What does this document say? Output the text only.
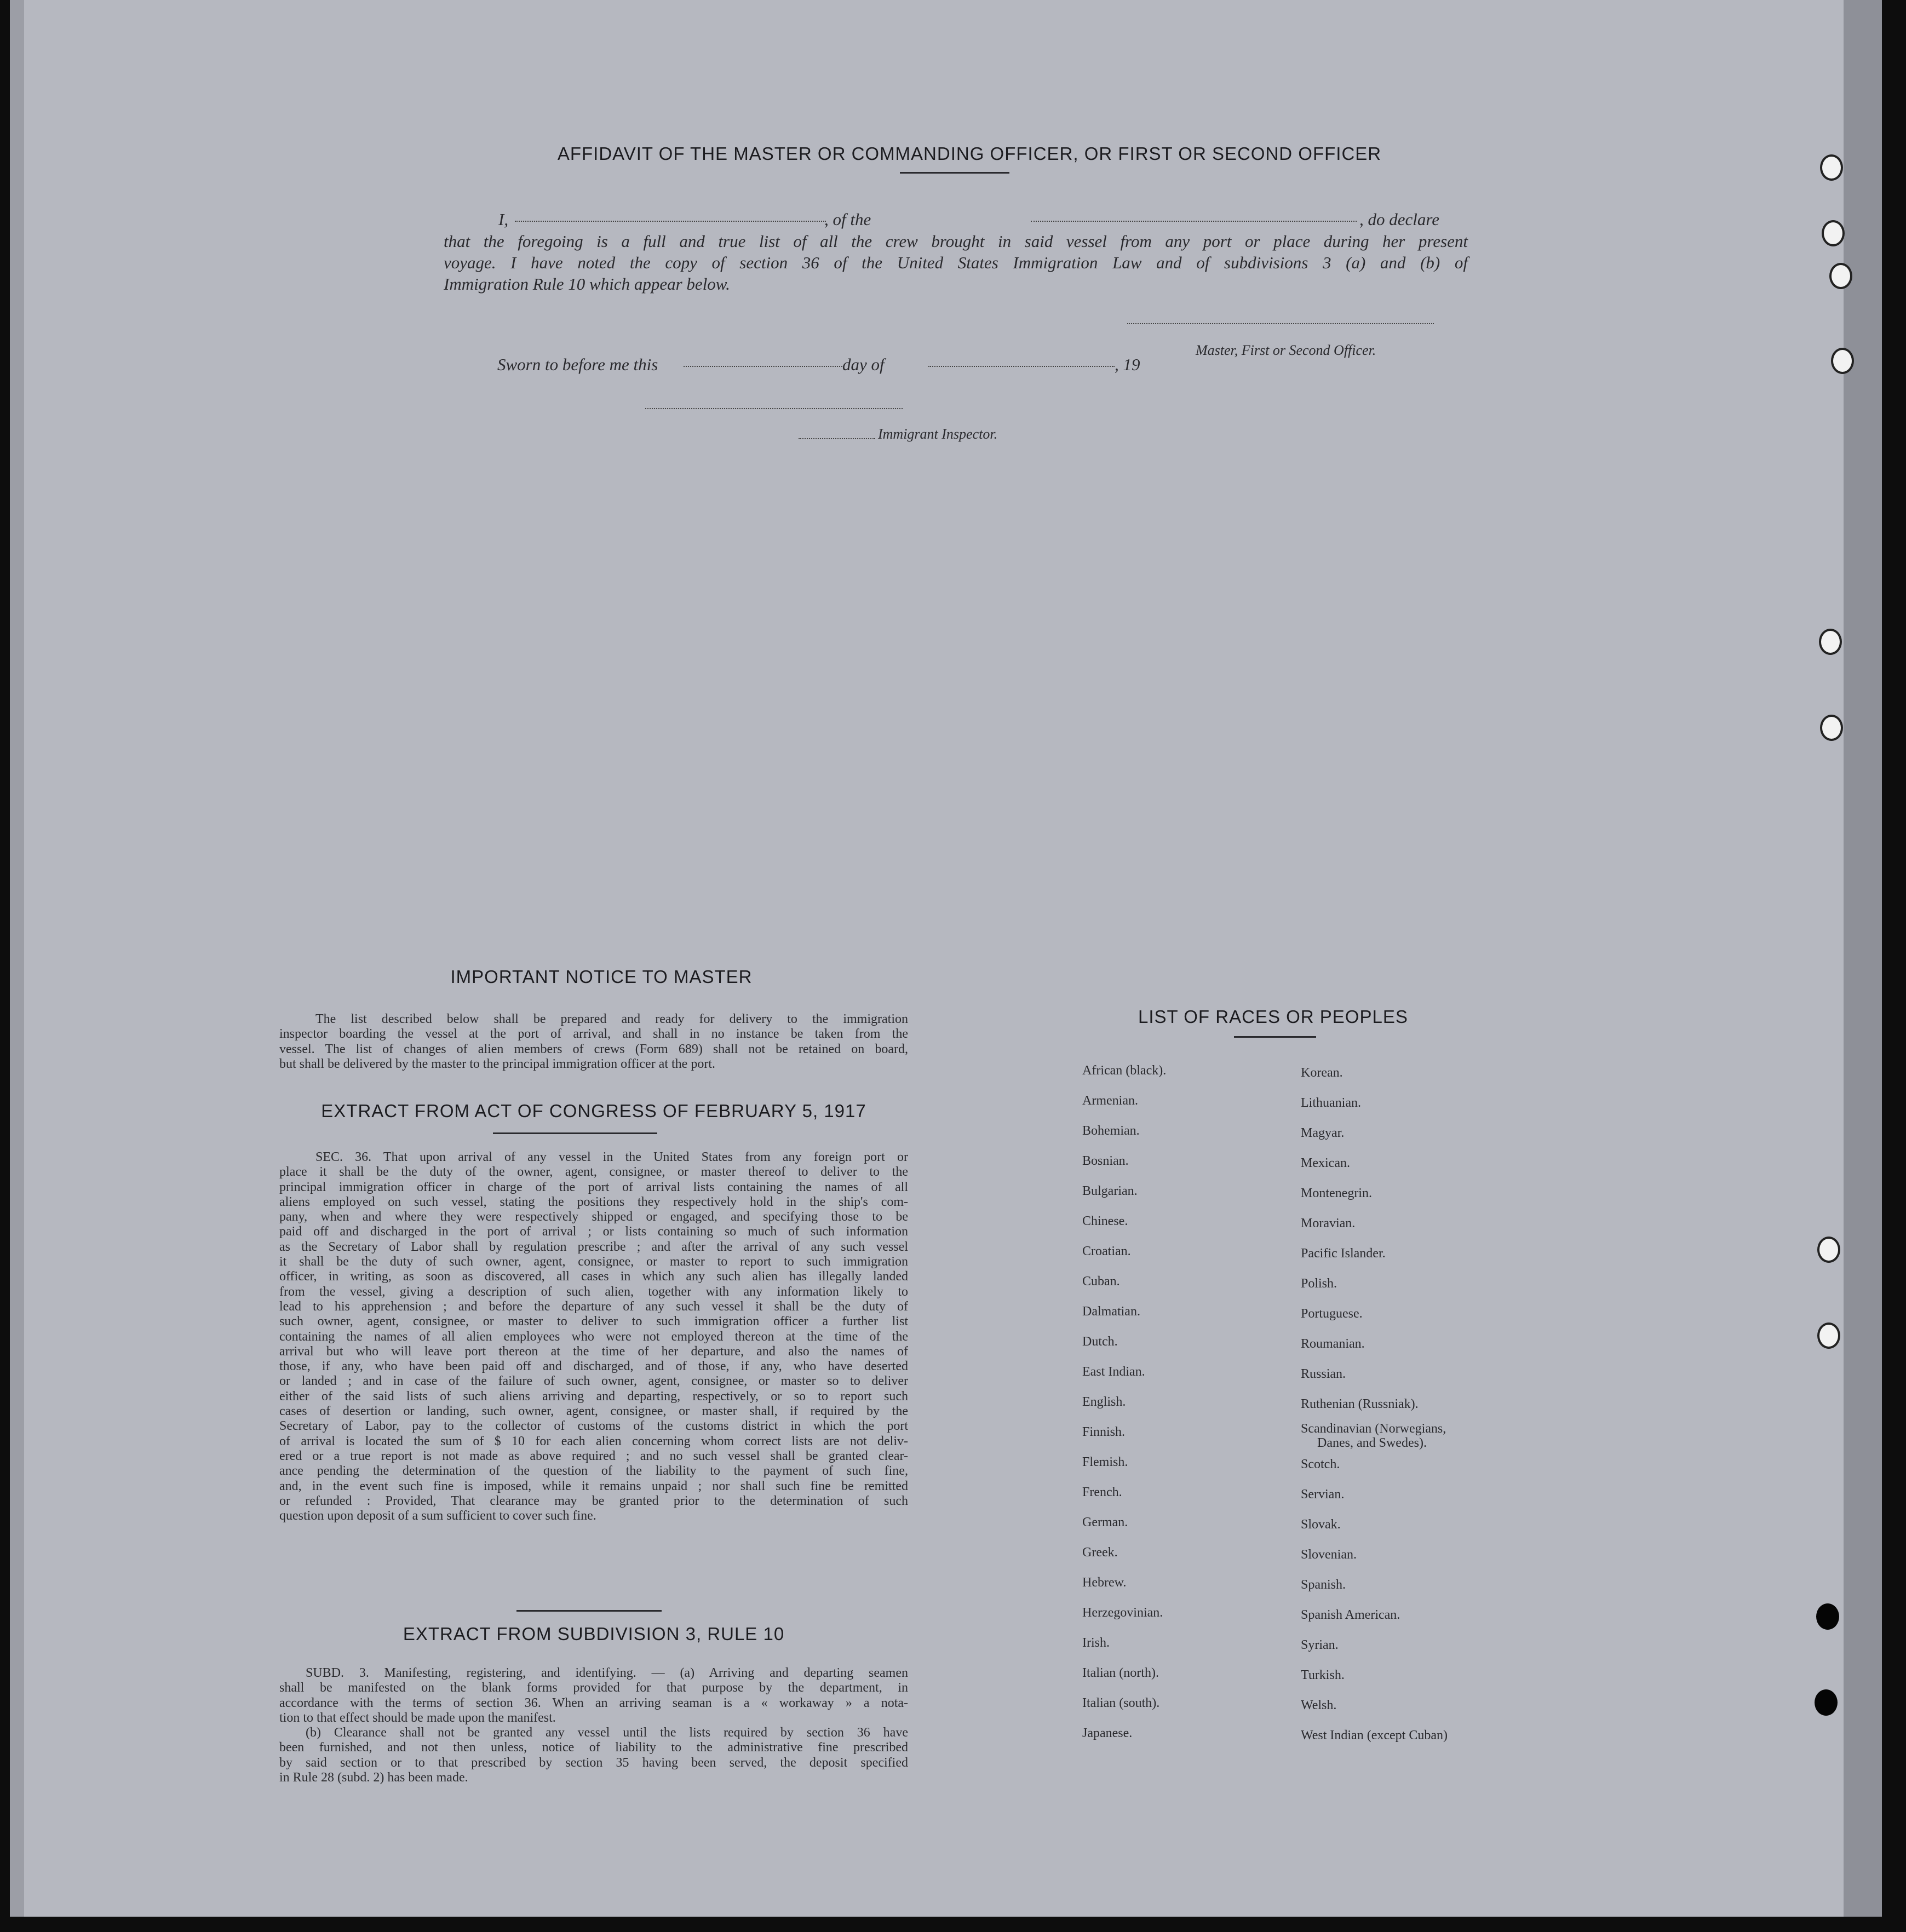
AFFIDAVIT OF THE MASTER OR COMMANDING OFFICER, OR FIRST OR SECOND OFFICER
I,	, of the	, do declare
that the foregoing is a full and true list of all the crew brought in said vessel from any port or place during her present
voyage. I have noted the copy of section 36 of the United States Immigration Law and of subdivisions 3 (a) and (b) of
Immigration Rule 10 which appear below.
Master, First or Second Officer.
Sworn to before me this	day of	, 19
Immigrant Inspector.
IMPORTANT NOTICE TO MASTER
The list described below shall be prepared and ready for delivery to the immigration
inspector boarding the vessel at the port of arrival, and shall in no instance be taken from the
vessel. The list of changes of alien members of crews (Form 689) shall not be retained on board,
but shall be delivered by the master to the principal immigration officer at the port.
EXTRACT FROM ACT OF CONGRESS OF FEBRUARY 5, 1917
SEC. 36. That upon arrival of any vessel in the United States from any foreign port or
place it shall be the duty of the owner, agent, consignee, or master thereof to deliver to the
principal immigration officer in charge of the port of arrival lists containing the names of all
aliens employed on such vessel, stating the positions they respectively hold in the ship's com-
pany, when and where they were respectively shipped or engaged, and specifying those to be
paid off and discharged in the port of arrival ; or lists containing so much of such information
as the Secretary of Labor shall by regulation prescribe ; and after the arrival of any such vessel
it shall be the duty of such owner, agent, consignee, or master to report to such immigration
officer, in writing, as soon as discovered, all cases in which any such alien has illegally landed
from the vessel, giving a description of such alien, together with any information likely to
lead to his apprehension ; and before the departure of any such vessel it shall be the duty of
such owner, agent, consignee, or master to deliver to such immigration officer a further list
containing the names of all alien employees who were not employed thereon at the time of the
arrival but who will leave port thereon at the time of her departure, and also the names of
those, if any, who have been paid off and discharged, and of those, if any, who have deserted
or landed ; and in case of the failure of such owner, agent, consignee, or master so to deliver
either of the said lists of such aliens arriving and departing, respectively, or so to report such
cases of desertion or landing, such owner, agent, consignee, or master shall, if required by the
Secretary of Labor, pay to the collector of customs of the customs district in which the port
of arrival is located the sum of $ 10 for each alien concerning whom correct lists are not deliv-
ered or a true report is not made as above required ; and no such vessel shall be granted clear-
ance pending the determination of the question of the liability to the payment of such fine,
and, in the event such fine is imposed, while it remains unpaid ; nor shall such fine be remitted
or refunded : Provided, That clearance may be granted prior to the determination of such
question upon deposit of a sum sufficient to cover such fine.
EXTRACT FROM SUBDIVISION 3, RULE 10
SUBD. 3. Manifesting, registering, and identifying. — (a) Arriving and departing seamen
shall be manifested on the blank forms provided for that purpose by the department, in
accordance with the terms of section 36. When an arriving seaman is a « workaway » a nota-
tion to that effect should be made upon the manifest.
(b) Clearance shall not be granted any vessel until the lists required by section 36 have
been furnished, and not then unless, notice of liability to the administrative fine prescribed
by said section or to that prescribed by section 35 having been served, the deposit specified
in Rule 28 (subd. 2) has been made.
LIST OF RACES OR PEOPLES
African (black).
Armenian.
Bohemian.
Bosnian.
Bulgarian.
Chinese.
Croatian.
Cuban.
Dalmatian.
Dutch.
East Indian.
English.
Finnish.
Flemish.
French.
German.
Greek.
Hebrew.
Herzegovinian.
Irish.
Italian (north).
Italian (south).
Japanese.
Korean.
Lithuanian.
Magyar.
Mexican.
Montenegrin.
Moravian.
Pacific Islander.
Polish.
Portuguese.
Roumanian.
Russian.
Ruthenian (Russniak).
Scandinavian (Norwegians,
Danes, and Swedes).
Scotch.
Servian.
Slovak.
Slovenian.
Spanish.
Spanish American.
Syrian.
Turkish.
Welsh.
West Indian (except Cuban)
